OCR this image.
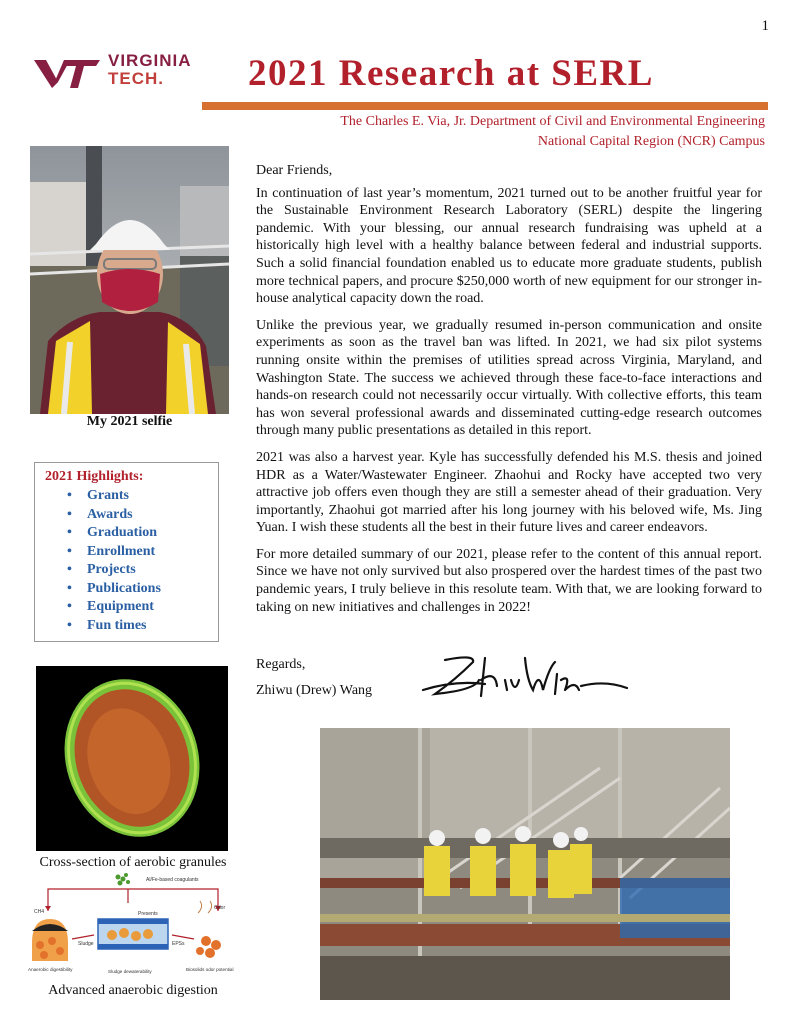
1
VIRGINIA
TECH.	2021 Research at SERL
The Charles E. Via, Jr. Department of Civil and Environmental Engineering
National Capital Region (NCR) Campus
My 2021 selfie
2021 Highlights:
• Grants
• Awards
• Graduation
• Enrollment
• Projects
• Publications
• Equipment
• Fun times
Cross-section of aerobic granules
Al/Fe-based coagulants
CH4	Presents
Sludge	EPSs
Odor
Anaerobic digestibility	Sludge dewaterability	Biosolids odor potential
Advanced anaerobic digestion

Dear Friends,

In continuation of last year’s momentum, 2021 turned out to be another fruitful year for the Sustainable Environment Research Laboratory (SERL) despite the lingering pandemic. With your blessing, our annual research fundraising was upheld at a historically high level with a healthy balance between federal and industrial supports. Such a solid financial foundation enabled us to educate more graduate students, publish more technical papers, and procure $250,000 worth of new equipment for our stronger in-house analytical capacity down the road.

Unlike the previous year, we gradually resumed in-person communication and onsite experiments as soon as the travel ban was lifted. In 2021, we had six pilot systems running onsite within the premises of utilities spread across Virginia, Maryland, and Washington State. The success we achieved through these face-to-face interactions and hands-on research could not necessarily occur virtually. With collective efforts, this team has won several professional awards and disseminated cutting-edge research outcomes through many public presentations as detailed in this report.

2021 was also a harvest year. Kyle has successfully defended his M.S. thesis and joined HDR as a Water/Wastewater Engineer. Zhaohui and Rocky have accepted two very attractive job offers even though they are still a semester ahead of their graduation. Very importantly, Zhaohui got married after his long journey with his beloved wife, Ms. Jing Yuan. I wish these students all the best in their future lives and career endeavors.

For more detailed summary of our 2021, please refer to the content of this annual report. Since we have not only survived but also prospered over the hardest times of the past two pandemic years, I truly believe in this resolute team. With that, we are looking forward to taking on new initiatives and challenges in 2022!

Regards,
Zhiwu (Drew) Wang
